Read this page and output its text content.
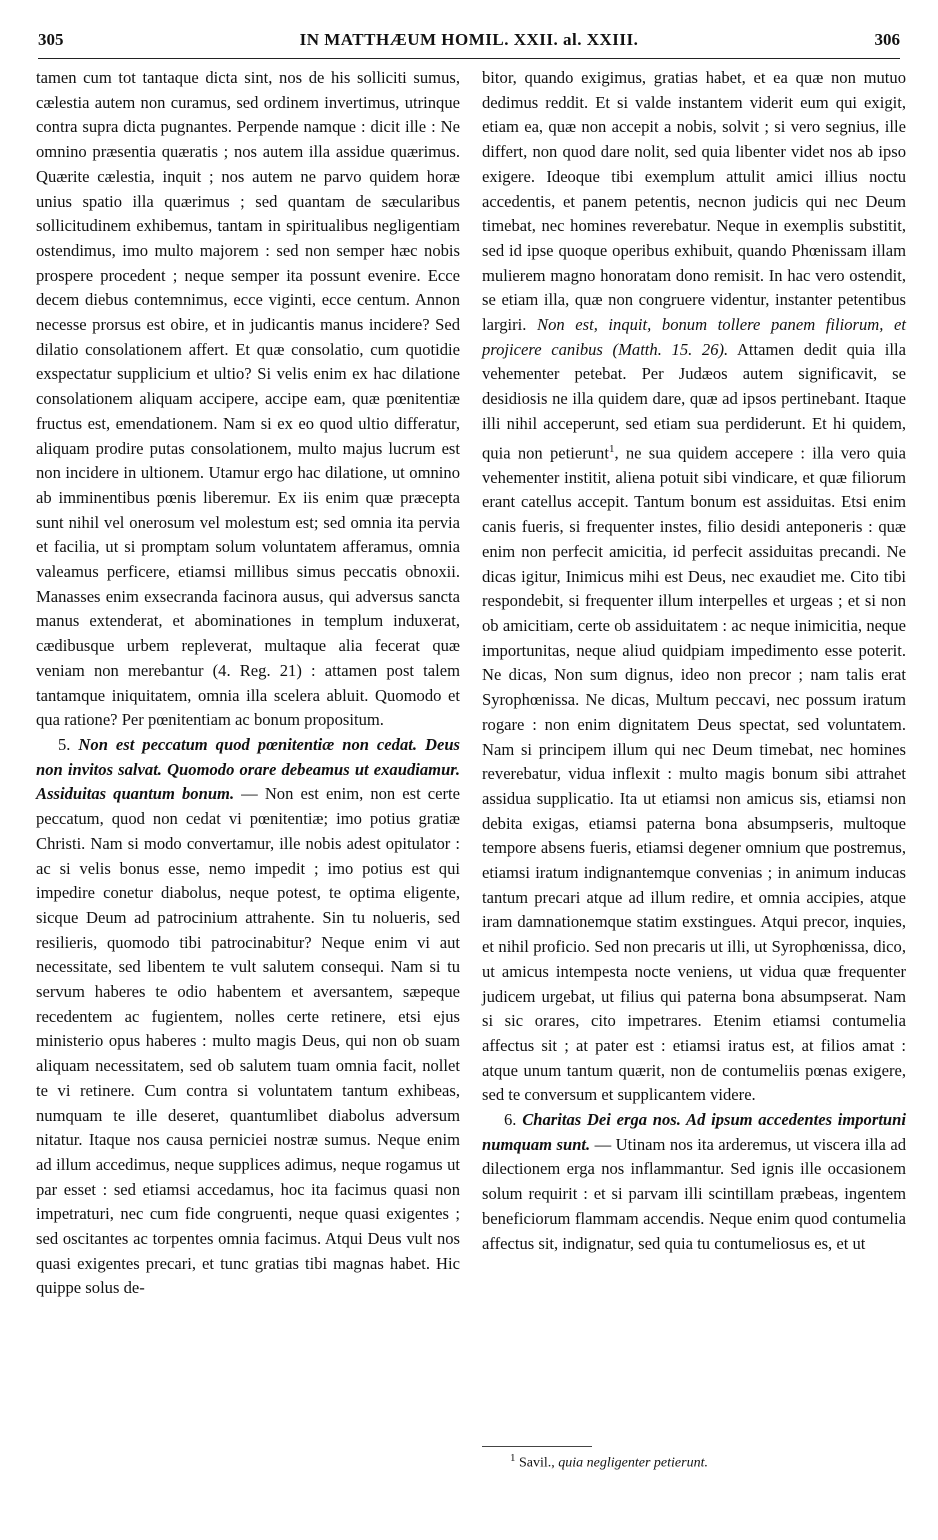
305	IN MATTHÆUM HOMIL. XXII. al. XXIII.	306

tamen cum tot tantaque dicta sint, nos de his solliciti sumus, cælestia autem non curamus, sed ordinem invertimus, utrinque contra supra dicta pugnantes. Perpende namque : dicit ille : Ne omnino præsentia quæratis ; nos autem illa assidue quærimus. Quærite cælestia, inquit ; nos autem ne parvo quidem horæ unius spatio illa quærimus ; sed quantam de sæcularibus sollicitudinem exhibemus, tantam in spiritualibus negligentiam ostendimus, imo multo majorem : sed non semper hæc nobis prospere procedent ; neque semper ita possunt evenire. Ecce decem diebus contemnimus, ecce viginti, ecce centum. Annon necesse prorsus est obire, et in judicantis manus incidere? Sed dilatio consolationem affert. Et quæ consolatio, cum quotidie exspectatur supplicium et ultio? Si velis enim ex hac dilatione consolationem aliquam accipere, accipe eam, quæ pœnitentiæ fructus est, emendationem. Nam si ex eo quod ultio differatur, aliquam prodire putas consolationem, multo majus lucrum est non incidere in ultionem. Utamur ergo hac dilatione, ut omnino ab imminentibus pœnis liberemur. Ex iis enim quæ præcepta sunt nihil vel onerosum vel molestum est; sed omnia ita pervia et facilia, ut si promptam solum voluntatem afferamus, omnia valeamus perficere, etiamsi millibus simus peccatis obnoxii. Manasses enim exsecranda facinora ausus, qui adversus sancta manus extenderat, et abominationes in templum induxerat, cædibusque urbem repleverat, multaque alia fecerat quæ veniam non merebantur (4. Reg. 21) : attamen post talem tantamque iniquitatem, omnia illa scelera abluit. Quomodo et qua ratione? Per pœnitentiam ac bonum propositum.

5. Non est peccatum quod pœnitentiæ non cedat. Deus non invitos salvat. Quomodo orare debeamus ut exaudiamur. Assiduitas quantum bonum. — Non est enim, non est certe peccatum, quod non cedat vi pœnitentiæ; imo potius gratiæ Christi. Nam si modo convertamur, ille nobis adest opitulator : ac si velis bonus esse, nemo impedit ; imo potius est qui impedire conetur diabolus, neque potest, te optima eligente, sicque Deum ad patrocinium attrahente. Sin tu nolueris, sed resilieris, quomodo tibi patrocinabitur? Neque enim vi aut necessitate, sed libentem te vult salutem consequi. Nam si tu servum haberes te odio habentem et aversantem, sæpeque recedentem ac fugientem, nolles certe retinere, etsi ejus ministerio opus haberes : multo magis Deus, qui non ob suam aliquam necessitatem, sed ob salutem tuam omnia facit, nollet te vi retinere. Cum contra si voluntatem tantum exhibeas, numquam te ille deseret, quantumlibet diabolus adversum nitatur. Itaque nos causa perniciei nostræ sumus. Neque enim ad illum accedimus, neque supplices adimus, neque rogamus ut par esset : sed etiamsi accedamus, hoc ita facimus quasi non impetraturi, nec cum fide congruenti, neque quasi exigentes ; sed oscitantes ac torpentes omnia facimus. Atqui Deus vult nos quasi exigentes precari, et tunc gratias tibi magnas habet. Hic quippe solus de-

bitor, quando exigimus, gratias habet, et ea quæ non mutuo dedimus reddit. Et si valde instantem viderit eum qui exigit, etiam ea, quæ non accepit a nobis, solvit ; si vero segnius, ille differt, non quod dare nolit, sed quia libenter videt nos ab ipso exigere. Ideoque tibi exemplum attulit amici illius noctu accedentis, et panem petentis, necnon judicis qui nec Deum timebat, nec homines reverebatur. Neque in exemplis substitit, sed id ipse quoque operibus exhibuit, quando Phœnissam illam mulierem magno honoratam dono remisit. In hac vero ostendit, se etiam illa, quæ non congruere videntur, instanter petentibus largiri. Non est, inquit, bonum tollere panem filiorum, et projicere canibus (Matth. 15. 26). Attamen dedit quia illa vehementer petebat. Per Judæos autem significavit, se desidiosis ne illa quidem dare, quæ ad ipsos pertinebant. Itaque illi nihil acceperunt, sed etiam sua perdiderunt. Et hi quidem, quia non petierunt$^1$, ne sua quidem accepere : illa vero quia vehementer institit, aliena potuit sibi vindicare, et quæ filiorum erant catellus accepit. Tantum bonum est assiduitas. Etsi enim canis fueris, si frequenter instes, filio desidi anteponeris : quæ enim non perfecit amicitia, id perfecit assiduitas precandi. Ne dicas igitur, Inimicus mihi est Deus, nec exaudiet me. Cito tibi respondebit, si frequenter illum interpelles et urgeas ; et si non ob amicitiam, certe ob assiduitatem : ac neque inimicitia, neque importunitas, neque aliud quidpiam impedimento esse poterit. Ne dicas, Non sum dignus, ideo non precor ; nam talis erat Syrophœnissa. Ne dicas, Multum peccavi, nec possum iratum rogare : non enim dignitatem Deus spectat, sed voluntatem. Nam si principem illum qui nec Deum timebat, nec homines reverebatur, vidua inflexit : multo magis bonum sibi attrahet assidua supplicatio. Ita ut etiamsi non amicus sis, etiamsi non debita exigas, etiamsi paterna bona absumpseris, multoque tempore absens fueris, etiamsi degener omnium que postremus, etiamsi iratum indignantemque convenias ; in animum inducas tantum precari atque ad illum redire, et omnia accipies, atque iram damnationemque statim exstingues. Atqui precor, inquies, et nihil proficio. Sed non precaris ut illi, ut Syrophœnissa, dico, ut amicus intempesta nocte veniens, ut vidua quæ frequenter judicem urgebat, ut filius qui paterna bona absumpserat. Nam si sic orares, cito impetrares. Etenim etiamsi contumelia affectus sit ; at pater est : etiamsi iratus est, at filios amat : atque unum tantum quærit, non de contumeliis pœnas exigere, sed te conversum et supplicantem videre.

6. Charitas Dei erga nos. Ad ipsum accedentes importuni numquam sunt. — Utinam nos ita arderemus, ut viscera illa ad dilectionem erga nos inflammantur. Sed ignis ille occasionem solum requirit : et si parvam illi scintillam præbeas, ingentem beneficiorum flammam accendis. Neque enim quod contumelia affectus sit, indignatur, sed quia tu contumeliosus es, et ut

$^1$ Savil., quia negligenter petierunt.
